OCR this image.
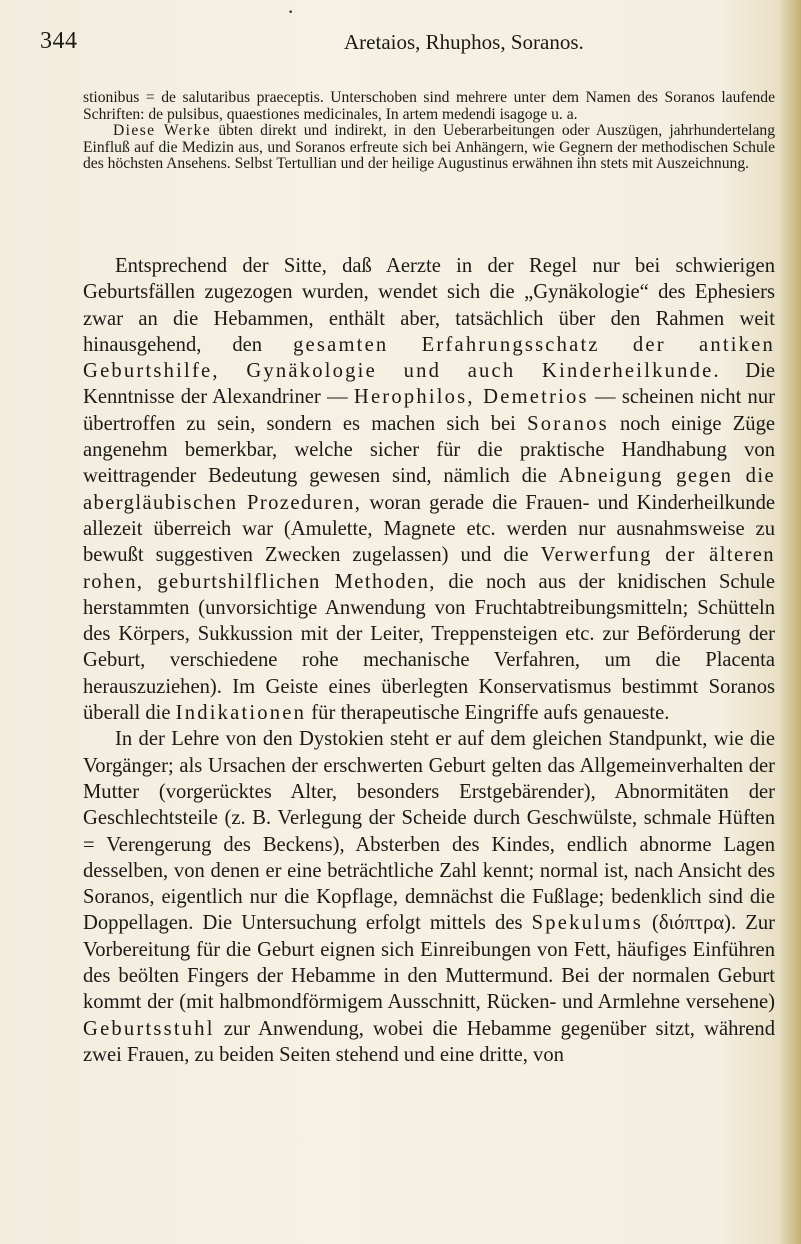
•
344	Aretaios, Rhuphos, Soranos.

stionibus = de salutaribus praeceptis. Unterschoben sind mehrere unter dem Namen des Soranos laufende Schriften: de pulsibus, quaestiones medicinales, In artem medendi isagoge u. a.

Diese Werke übten direkt und indirekt, in den Ueberarbeitungen oder Auszügen, jahrhundertelang Einfluß auf die Medizin aus, und Soranos erfreute sich bei Anhängern, wie Gegnern der methodischen Schule des höchsten Ansehens. Selbst Tertullian und der heilige Augustinus erwähnen ihn stets mit Auszeichnung.

Entsprechend der Sitte, daß Aerzte in der Regel nur bei schwierigen Geburtsfällen zugezogen wurden, wendet sich die „Gynäkologie“ des Ephesiers zwar an die Hebammen, enthält aber, tatsächlich über den Rahmen weit hinausgehend, den gesamten Erfahrungsschatz der antiken Geburtshilfe, Gynäkologie und auch Kinderheilkunde. Die Kenntnisse der Alexandriner — Herophilos, Demetrios — scheinen nicht nur übertroffen zu sein, sondern es machen sich bei Soranos noch einige Züge angenehm bemerkbar, welche sicher für die praktische Handhabung von weittragender Bedeutung gewesen sind, nämlich die Abneigung gegen die abergläubischen Prozeduren, woran gerade die Frauen- und Kinderheilkunde allezeit überreich war (Amulette, Magnete etc. werden nur ausnahmsweise zu bewußt suggestiven Zwecken zugelassen) und die Verwerfung der älteren rohen, geburtshilflichen Methoden, die noch aus der knidischen Schule herstammten (unvorsichtige Anwendung von Fruchtabtreibungsmitteln; Schütteln des Körpers, Sukkussion mit der Leiter, Treppensteigen etc. zur Beförderung der Geburt, verschiedene rohe mechanische Verfahren, um die Placenta herauszuziehen). Im Geiste eines überlegten Konservatismus bestimmt Soranos überall die Indikationen für therapeutische Eingriffe aufs genaueste.

In der Lehre von den Dystokien steht er auf dem gleichen Standpunkt, wie die Vorgänger; als Ursachen der erschwerten Geburt gelten das Allgemeinverhalten der Mutter (vorgerücktes Alter, besonders Erstgebärender), Abnormitäten der Geschlechtsteile (z. B. Verlegung der Scheide durch Geschwülste, schmale Hüften = Verengerung des Beckens), Absterben des Kindes, endlich abnorme Lagen desselben, von denen er eine beträchtliche Zahl kennt; normal ist, nach Ansicht des Soranos, eigentlich nur die Kopflage, demnächst die Fußlage; bedenklich sind die Doppellagen. Die Untersuchung erfolgt mittels des Spekulums (διόπτρα). Zur Vorbereitung für die Geburt eignen sich Einreibungen von Fett, häufiges Einführen des beölten Fingers der Hebamme in den Muttermund. Bei der normalen Geburt kommt der (mit halbmondförmigem Ausschnitt, Rücken- und Armlehne versehene) Geburtsstuhl zur Anwendung, wobei die Hebamme gegenüber sitzt, während zwei Frauen, zu beiden Seiten stehend und eine dritte, von
